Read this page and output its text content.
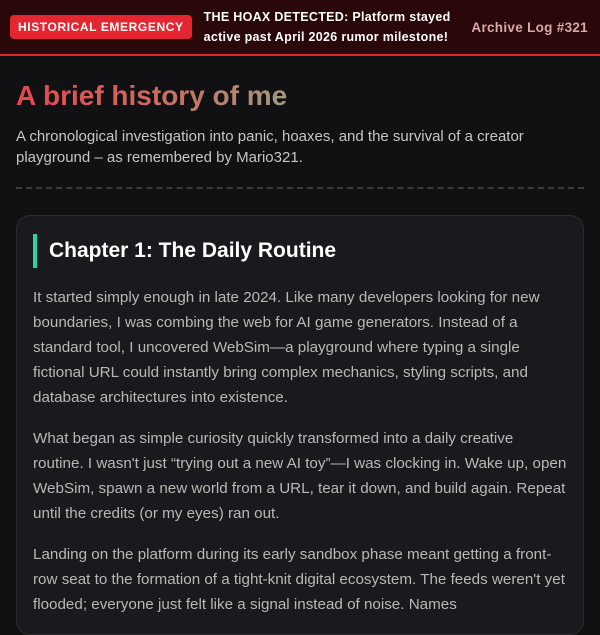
HISTORICAL EMERGENCY
THE HOAX DETECTED: Platform stayed active past April 2026 rumor milestone!
Archive Log #321
A brief history of me

A chronological investigation into panic, hoaxes, and the survival of a creator playground – as remembered by Mario321.

Chapter 1: The Daily Routine

It started simply enough in late 2024. Like many developers looking for new boundaries, I was combing the web for AI game generators. Instead of a standard tool, I uncovered WebSim—a playground where typing a single fictional URL could instantly bring complex mechanics, styling scripts, and database architectures into existence.

What began as simple curiosity quickly transformed into a daily creative routine. I wasn't just “trying out a new AI toy”—I was clocking in. Wake up, open WebSim, spawn a new world from a URL, tear it down, and build again. Repeat until the credits (or my eyes) ran out.

Landing on the platform during its early sandbox phase meant getting a front-row seat to the formation of a tight-knit digital ecosystem. The feeds weren't yet flooded; everyone just felt like a signal instead of noise. Names
